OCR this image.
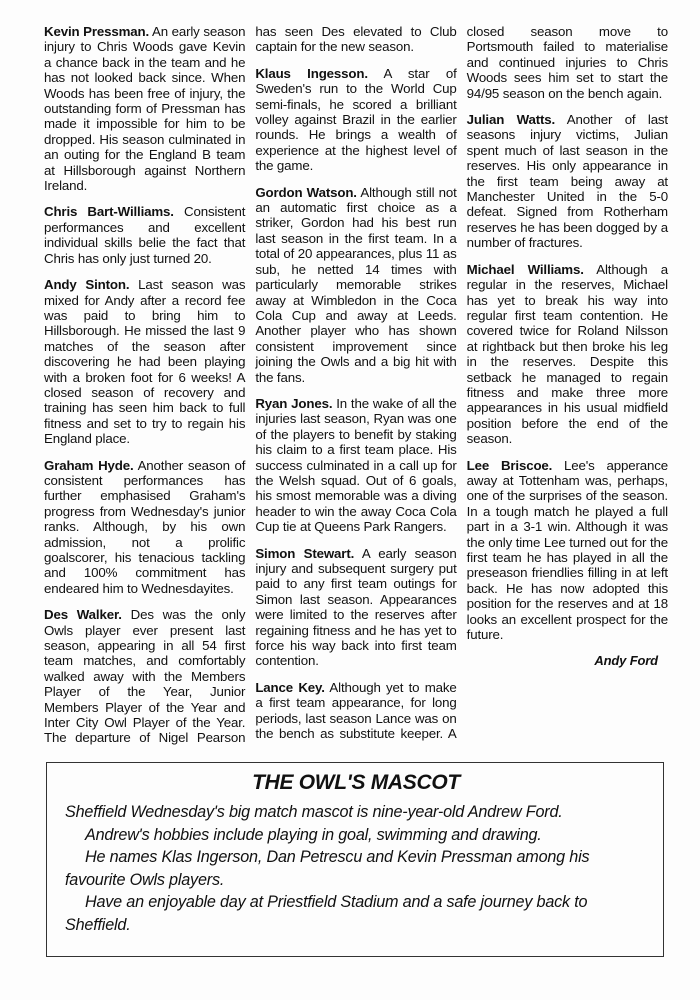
Kevin Pressman. An early season injury to Chris Woods gave Kevin a chance back in the team and he has not looked back since. When Woods has been free of injury, the outstanding form of Pressman has made it impossible for him to be dropped. His season culminated in an outing for the England B team at Hillsborough against Northern Ireland.

Chris Bart-Williams. Consistent performances and excellent individual skills belie the fact that Chris has only just turned 20.

Andy Sinton. Last season was mixed for Andy after a record fee was paid to bring him to Hillsborough. He missed the last 9 matches of the season after discovering he had been playing with a broken foot for 6 weeks! A closed season of recovery and training has seen him back to full fitness and set to try to regain his England place.

Graham Hyde. Another season of consistent performances has further emphasised Graham's progress from Wednesday's junior ranks. Although, by his own admission, not a prolific goalscorer, his tenacious tackling and 100% commitment has endeared him to Wednesdayites.

Des Walker. Des was the only Owls player ever present last season, appearing in all 54 first team matches, and comfortably walked away with the Members Player of the Year, Junior Members Player of the Year and Inter City Owl Player of the Year. The departure of Nigel Pearson has seen Des elevated to Club captain for the new season.

Klaus Ingesson. A star of Sweden's run to the World Cup semi-finals, he scored a brilliant volley against Brazil in the earlier rounds. He brings a wealth of experience at the highest level of the game.

Gordon Watson. Although still not an automatic first choice as a striker, Gordon had his best run last season in the first team. In a total of 20 appearances, plus 11 as sub, he netted 14 times with particularly memorable strikes away at Wimbledon in the Coca Cola Cup and away at Leeds. Another player who has shown consistent improvement since joining the Owls and a big hit with the fans.

Ryan Jones. In the wake of all the injuries last season, Ryan was one of the players to benefit by staking his claim to a first team place. His success culminated in a call up for the Welsh squad. Out of 6 goals, his smost memorable was a diving header to win the away Coca Cola Cup tie at Queens Park Rangers.

Simon Stewart. A early season injury and subsequent surgery put paid to any first team outings for Simon last season. Appearances were limited to the reserves after regaining fitness and he has yet to force his way back into first team contention.

Lance Key. Although yet to make a first team appearance, for long periods, last season Lance was on the bench as substitute keeper. A closed season move to Portsmouth failed to materialise and continued injuries to Chris Woods sees him set to start the 94/95 season on the bench again.

Julian Watts. Another of last seasons injury victims, Julian spent much of last season in the reserves. His only appearance in the first team being away at Manchester United in the 5-0 defeat. Signed from Rotherham reserves he has been dogged by a number of fractures.

Michael Williams. Although a regular in the reserves, Michael has yet to break his way into regular first team contention. He covered twice for Roland Nilsson at rightback but then broke his leg in the reserves. Despite this setback he managed to regain fitness and make three more appearances in his usual midfield position before the end of the season.

Lee Briscoe. Lee's apperance away at Tottenham was, perhaps, one of the surprises of the season. In a tough match he played a full part in a 3-1 win. Although it was the only time Lee turned out for the first team he has played in all the preseason friendlies filling in at left back. He has now adopted this position for the reserves and at 18 looks an excellent prospect for the future.

Andy Ford
THE OWL'S MASCOT

Sheffield Wednesday's big match mascot is nine-year-old Andrew Ford.

Andrew's hobbies include playing in goal, swimming and drawing.

He names Klas Ingerson, Dan Petrescu and Kevin Pressman among his favourite Owls players.

Have an enjoyable day at Priestfield Stadium and a safe journey back to Sheffield.
